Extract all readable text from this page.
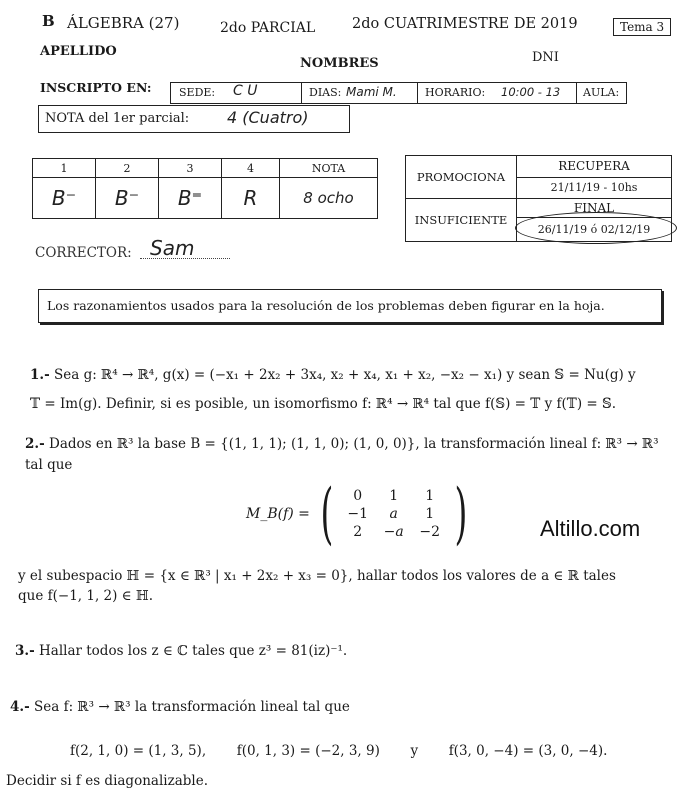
B ÁLGEBRA (27)	2do PARCIAL	2do CUATRIMESTRE DE 2019	Tema 3
APELLIDO
NOMBRES	DNI
INSCRIPTO EN: SEDE: C U	DIAS: Mami M.	HORARIO: 10:00 - 13 AULA:
NOTA del 1er parcial: 4 (Cuatro)
1	2	3	4	NOTA
B⁻	B⁻	B⁼	R	8 ocho
PROMOCIONA	RECUPERA
	21/11/19 - 10hs
INSUFICIENTE	FINAL
	26/11/19 ó 02/12/19
CORRECTOR: Sam
Los razonamientos usados para la resolución de los problemas deben figurar en la hoja.
1.- Sea g: ℝ⁴ → ℝ⁴, g(x) = (−x₁ + 2x₂ + 3x₄, x₂ + x₄, x₁ + x₂, −x₂ − x₁) y sean 𝕊 = Nu(g) y
𝕋 = Im(g). Definir, si es posible, un isomorfismo f: ℝ⁴ → ℝ⁴ tal que f(𝕊) = 𝕋 y f(𝕋) = 𝕊.
2.- Dados en ℝ³ la base B = {(1, 1, 1); (1, 1, 0); (1, 0, 0)}, la transformación lineal f: ℝ³ → ℝ³
tal que
M_B(f) = (	0	1	1
−1	a	1
2	−a	−2 )	Altillo.com
y el subespacio ℍ = {x ∈ ℝ³ | x₁ + 2x₂ + x₃ = 0}, hallar todos los valores de a ∈ ℝ tales
que f(−1, 1, 2) ∈ ℍ.
3.- Hallar todos los z ∈ ℂ tales que z³ = 81(iz)⁻¹.
4.- Sea f: ℝ³ → ℝ³ la transformación lineal tal que
f(2, 1, 0) = (1, 3, 5), f(0, 1, 3) = (−2, 3, 9) y f(3, 0, −4) = (3, 0, −4).
Decidir si f es diagonalizable.
